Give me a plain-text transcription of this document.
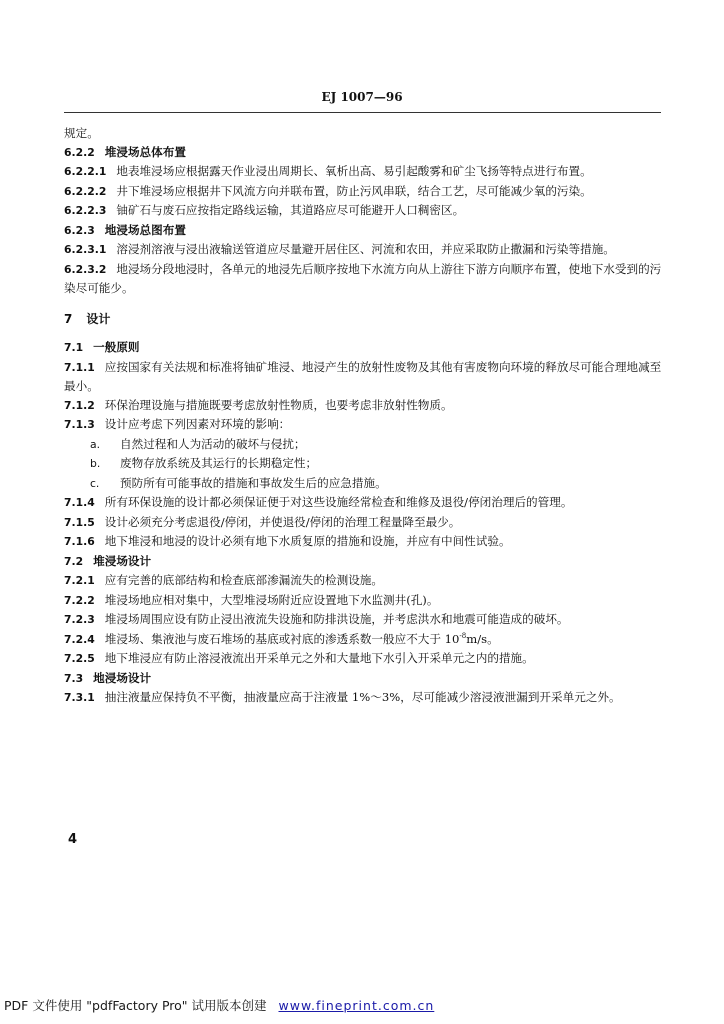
EJ 1007—96

规定。

6.2.2 堆浸场总体布置

6.2.2.1 地表堆浸场应根据露天作业浸出周期长、氧析出高、易引起酸雾和矿尘飞扬等特点进行布置。

6.2.2.2 井下堆浸场应根据井下风流方向并联布置，防止污风串联，结合工艺，尽可能减少氧的污染。

6.2.2.3 铀矿石与废石应按指定路线运输，其道路应尽可能避开人口稠密区。

6.2.3 地浸场总图布置

6.2.3.1 溶浸剂溶液与浸出液输送管道应尽量避开居住区、河流和农田，并应采取防止撒漏和污染等措施。

6.2.3.2 地浸场分段地浸时，各单元的地浸先后顺序按地下水流方向从上游往下游方向顺序布置，使地下水受到的污染尽可能少。

7 设计

7.1 一般原则

7.1.1 应按国家有关法规和标准将铀矿堆浸、地浸产生的放射性废物及其他有害废物向环境的释放尽可能合理地减至最小。

7.1.2 环保治理设施与措施既要考虑放射性物质，也要考虑非放射性物质。

7.1.3 设计应考虑下列因素对环境的影响：

a. 自然过程和人为活动的破坏与侵扰；

b. 废物存放系统及其运行的长期稳定性；

c. 预防所有可能事故的措施和事故发生后的应急措施。

7.1.4 所有环保设施的设计都必须保证便于对这些设施经常检查和维修及退役/停闭治理后的管理。

7.1.5 设计必须充分考虑退役/停闭，并使退役/停闭的治理工程量降至最少。

7.1.6 地下堆浸和地浸的设计必须有地下水质复原的措施和设施，并应有中间性试验。

7.2 堆浸场设计

7.2.1 应有完善的底部结构和检查底部渗漏流失的检测设施。

7.2.2 堆浸场地应相对集中，大型堆浸场附近应设置地下水监测井(孔)。

7.2.3 堆浸场周围应设有防止浸出液流失设施和防排洪设施，并考虑洪水和地震可能造成的破坏。

7.2.4 堆浸场、集液池与废石堆场的基底或衬底的渗透系数一般应不大于 $10^{-8}m/s$。

7.2.5 地下堆浸应有防止溶浸液流出开采单元之外和大量地下水引入开采单元之内的措施。

7.3 地浸场设计

7.3.1 抽注液量应保持负不平衡，抽液量应高于注液量 1%～3%，尽可能减少溶浸液泄漏到开采单元之外。

4
PDF 文件使用 "pdfFactory Pro" 试用版本创建 www.fineprint.com.cn
